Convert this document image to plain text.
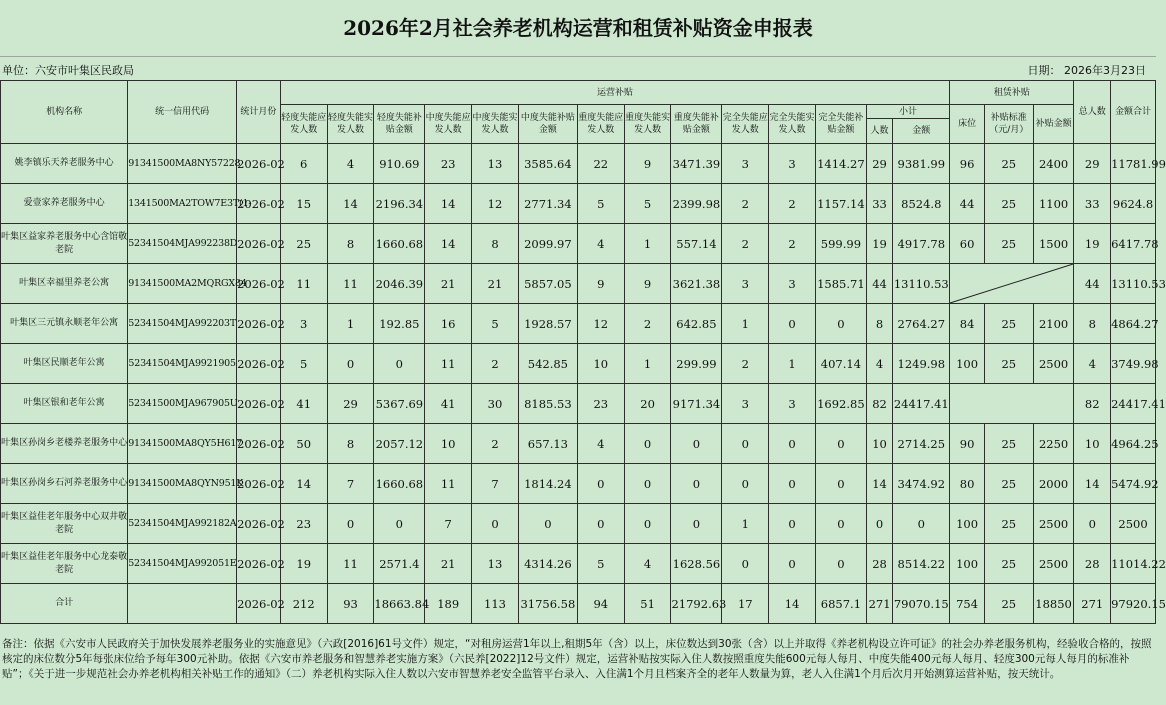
2026年2月社会养老机构运营和租赁补贴资金申报表
单位：六安市叶集区民政局	日期： 2026年3月23日
机构名称	统一信用代码	统计月份	运营补贴														租赁补贴			总人数	金额合计
			轻度失能应发人数	轻度失能实发人数	轻度失能补贴金额	中度失能应发人数	中度失能实发人数	中度失能补贴金额	重度失能应发人数	重度失能实发人数	重度失能补贴金额	完全失能应发人数	完全失能实发人数	完全失能补贴金额	小计		床位	补贴标准（元/月）	补贴金额		
															人数	金额					
姚李镇乐天养老服务中心	91341500MA8NY57228	2026-02	6	4	910.69	23	13	3585.64	22	9	3471.39	3	3	1414.27	29	9381.99	96	25	2400	29	11781.99
爱壹家养老服务中心	1341500MA2TOW7E3T(1-	2026-02	15	14	2196.34	14	12	2771.34	5	5	2399.98	2	2	1157.14	33	8524.8	44	25	1100	33	9624.8
叶集区益家养老服务中心含馆敬老院	52341504MJA992238D	2026-02	25	8	1660.68	14	8	2099.97	4	1	557.14	2	2	599.99	19	4917.78	60	25	1500	19	6417.78
叶集区幸福里养老公寓	91341500MA2MQRGX84	2026-02	11	11	2046.39	21	21	5857.05	9	9	3621.38	3	3	1585.71	44	13110.53				44	13110.53
叶集区三元镇永顺老年公寓	52341504MJA992203T	2026-02	3	1	192.85	16	5	1928.57	12	2	642.85	1	0	0	8	2764.27	84	25	2100	8	4864.27
叶集区民顺老年公寓	52341504MJA9921905	2026-02	5	0	0	11	2	542.85	10	1	299.99	2	1	407.14	4	1249.98	100	25	2500	4	3749.98
叶集区银和老年公寓	52341500MJA967905U	2026-02	41	29	5367.69	41	30	8185.53	23	20	9171.34	3	3	1692.85	82	24417.41				82	24417.41
叶集区孙岗乡老楼养老服务中心	91341500MA8QY5H617	2026-02	50	8	2057.12	10	2	657.13	4	0	0	0	0	0	10	2714.25	90	25	2250	10	4964.25
叶集区孙岗乡石河养老服务中心	91341500MA8QYN951K	2026-02	14	7	1660.68	11	7	1814.24	0	0	0	0	0	0	14	3474.92	80	25	2000	14	5474.92
叶集区益佳老年服务中心双井敬老院	52341504MJA992182A	2026-02	23	0	0	7	0	0	0	0	0	1	0	0	0	0	100	25	2500	0	2500
叶集区益佳老年服务中心龙泰敬老院	52341504MJA992051E	2026-02	19	11	2571.4	21	13	4314.26	5	4	1628.56	0	0	0	28	8514.22	100	25	2500	28	11014.22
合计		2026-02	212	93	18663.84	189	113	31756.58	94	51	21792.63	17	14	6857.1	271	79070.15	754	25	18850	271	97920.15
备注：依据《六安市人民政府关于加快发展养老服务业的实施意见》（六政[2016]61号文件）规定，“对租房运营1年以上,租期5年（含）以上，床位数达到30张（含）以上并取得《养老机构设立许可证》的社会办养老服务机构，经验收合格的，按照核定的床位数分5年每张床位给予每年300元补助。依据《六安市养老服务和智慧养老实施方案》（六民养[2022]12号文件）规定，运营补贴按实际入住人数按照重度失能600元每人每月、中度失能400元每人每月、轻度300元每人每月的标准补贴”；《关于进一步规范社会办养老机构相关补贴工作的通知》（二）养老机构实际入住人数以六安市智慧养老安全监管平台录入、入住满1个月且档案齐全的老年人数量为算，老人入住满1个月后次月开始测算运营补贴，按天统计。
